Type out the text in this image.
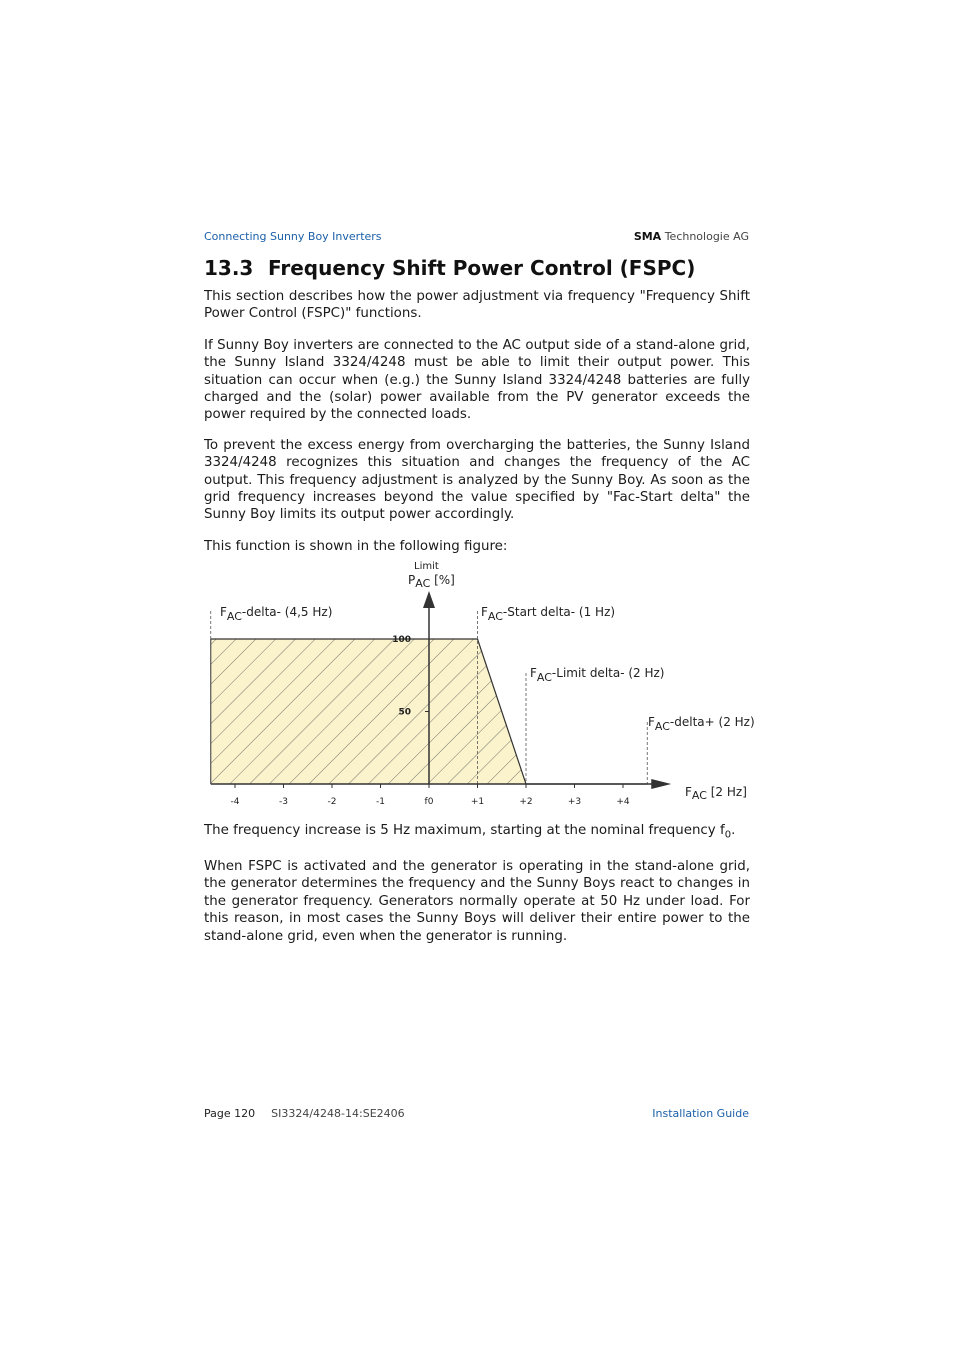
Connecting Sunny Boy Inverters	SMA Technologie AG
13.3 Frequency Shift Power Control (FSPC)

This section describes how the power adjustment via frequency "Frequency Shift Power Control (FSPC)" functions.

If Sunny Boy inverters are connected to the AC output side of a stand-alone grid, the Sunny Island 3324/4248 must be able to limit their output power. This situation can occur when (e.g.) the Sunny Island 3324/4248 batteries are fully charged and the (solar) power available from the PV generator exceeds the power required by the connected loads.

To prevent the excess energy from overcharging the batteries, the Sunny Island 3324/4248 recognizes this situation and changes the frequency of the AC output. This frequency adjustment is analyzed by the Sunny Boy. As soon as the grid frequency increases beyond the value specified by "Fac-Start delta" the Sunny Boy limits its output power accordingly.

This function is shown in the following figure:

-4	-3	-2	-1	f0	+1	+2	+3	+4
100
50
Limit
PAC [%]
FAC [2 Hz]
FAC-delta- (4,5 Hz)	FAC-Start delta- (1 Hz)
FAC-Limit delta- (2 Hz)
FAC-delta+ (2 Hz)

The frequency increase is 5 Hz maximum, starting at the nominal frequency $f_0$.

When FSPC is activated and the generator is operating in the stand-alone grid, the generator determines the frequency and the Sunny Boys react to changes in the generator frequency. Generators normally operate at 50 Hz under load. For this reason, in most cases the Sunny Boys will deliver their entire power to the stand-alone grid, even when the generator is running.

Page 120 SI3324/4248-14:SE2406	Installation Guide
